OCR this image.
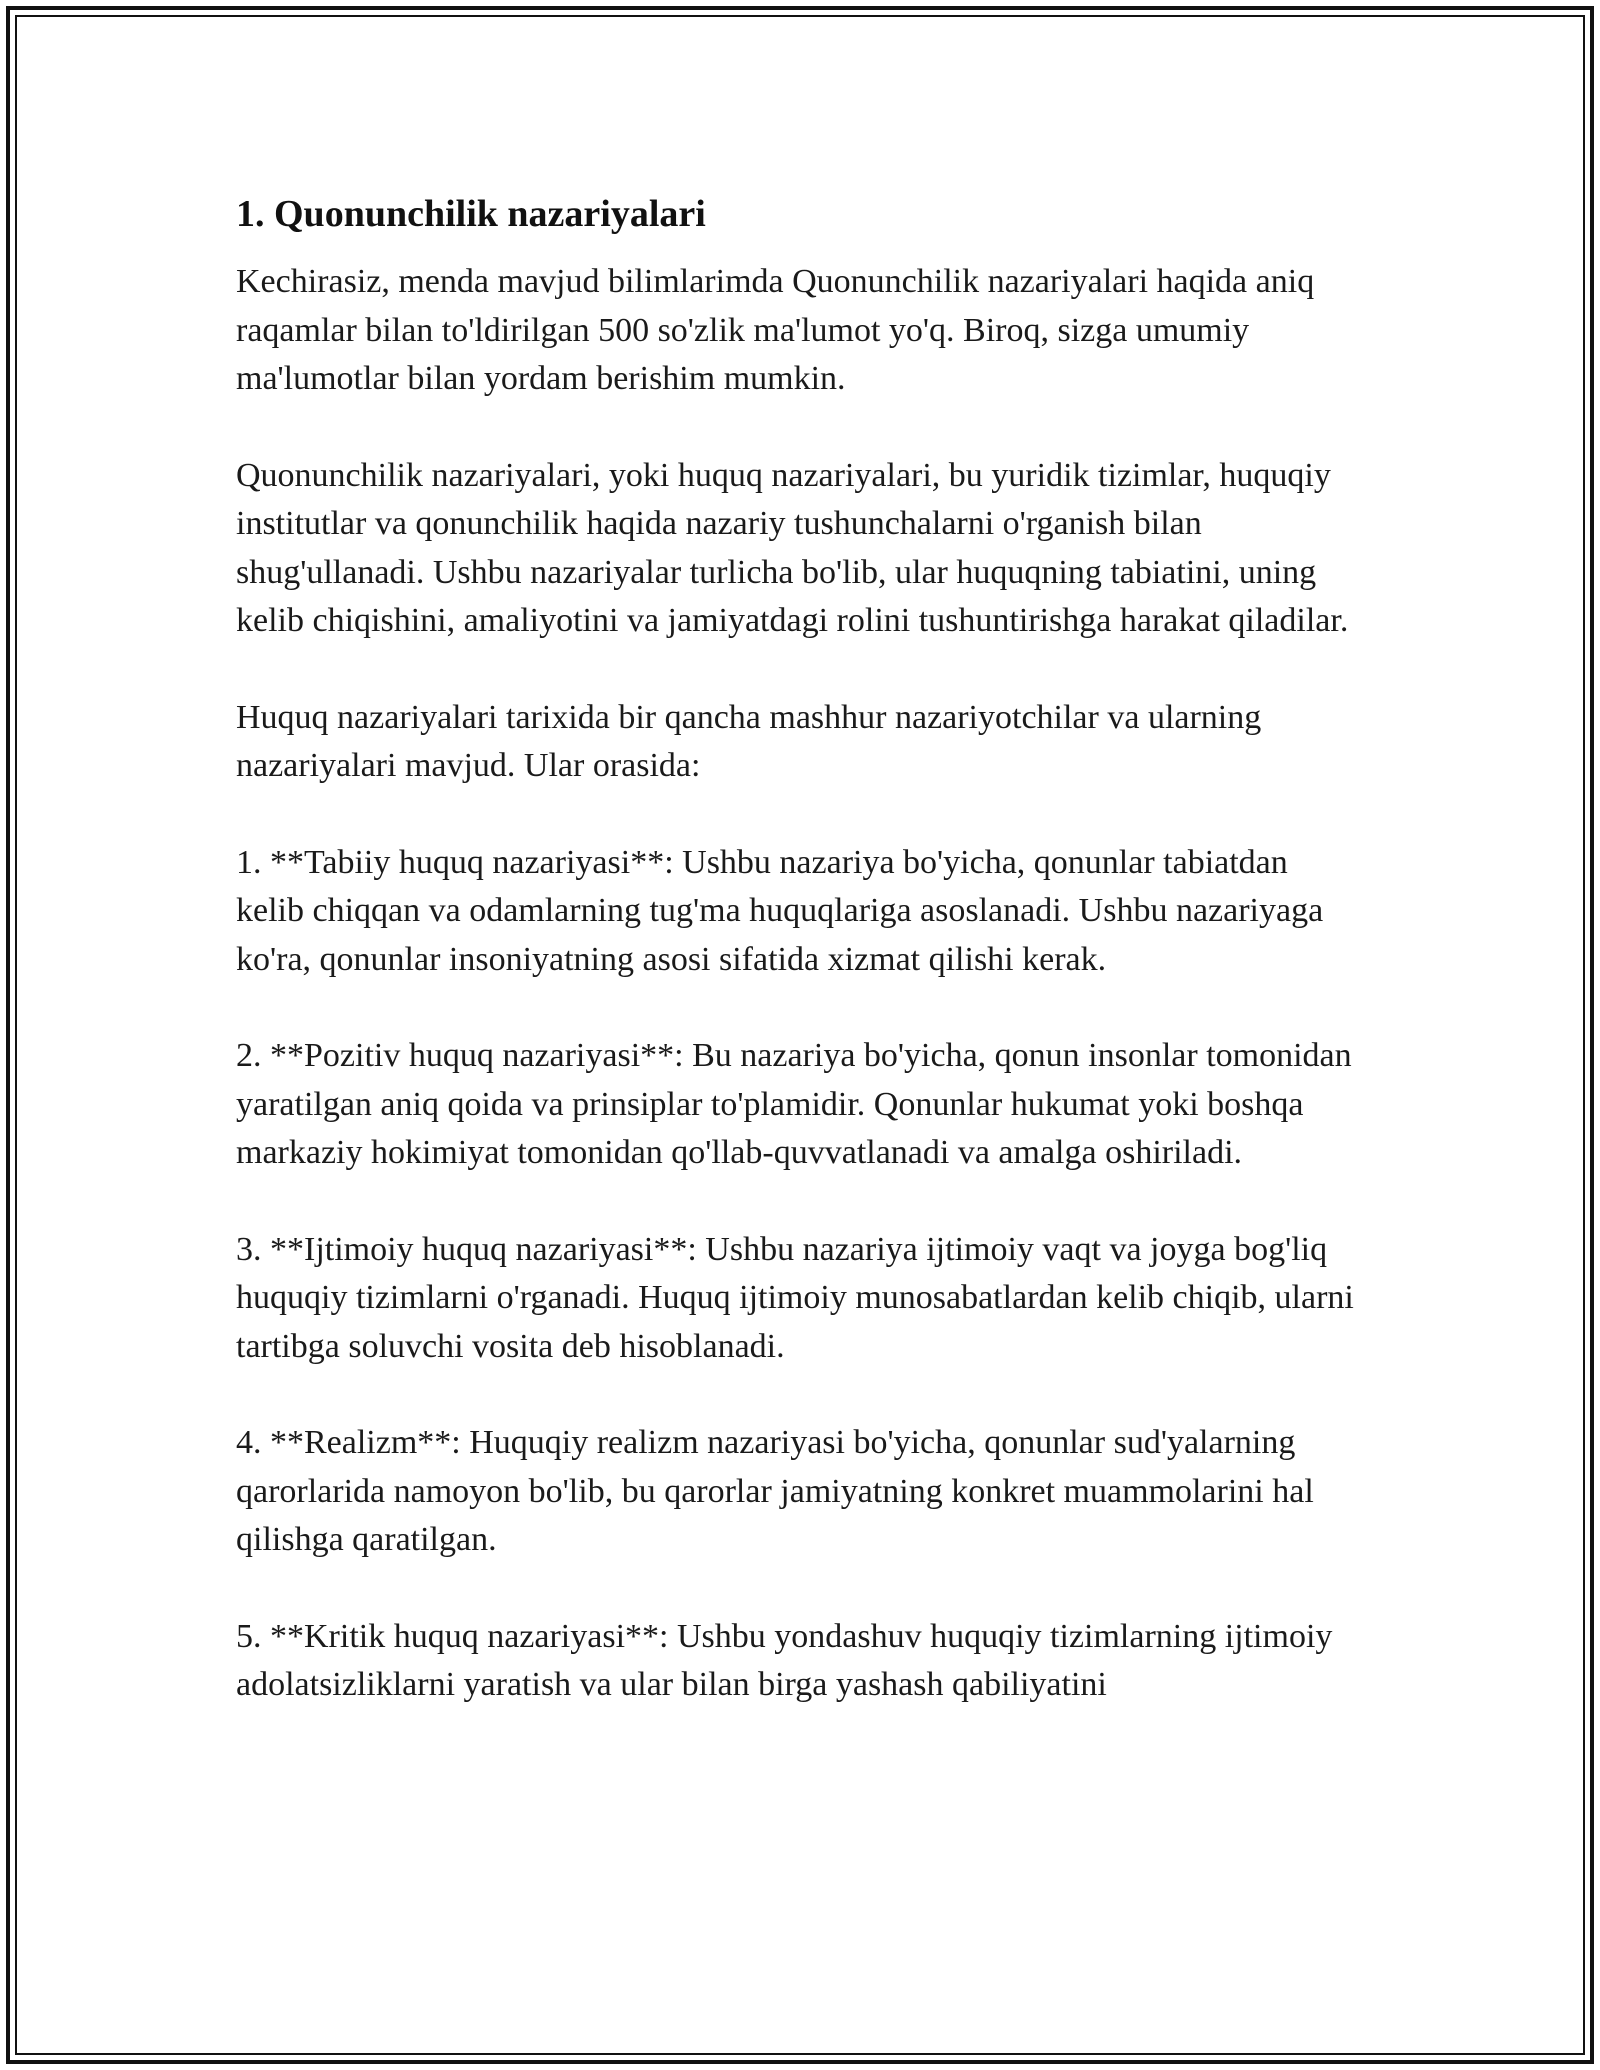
1. Quonunchilik nazariyalari

Kechirasiz, menda mavjud bilimlarimda Quonunchilik nazariyalari haqida aniq raqamlar bilan to'ldirilgan 500 so'zlik ma'lumot yo'q. Biroq, sizga umumiy ma'lumotlar bilan yordam berishim mumkin.

Quonunchilik nazariyalari, yoki huquq nazariyalari, bu yuridik tizimlar, huquqiy institutlar va qonunchilik haqida nazariy tushunchalarni o'rganish bilan shug'ullanadi. Ushbu nazariyalar turlicha bo'lib, ular huquqning tabiatini, uning kelib chiqishini, amaliyotini va jamiyatdagi rolini tushuntirishga harakat qiladilar.

Huquq nazariyalari tarixida bir qancha mashhur nazariyotchilar va ularning nazariyalari mavjud. Ular orasida:

1. **Tabiiy huquq nazariyasi**: Ushbu nazariya bo'yicha, qonunlar tabiatdan kelib chiqqan va odamlarning tug'ma huquqlariga asoslanadi. Ushbu nazariyaga ko'ra, qonunlar insoniyatning asosi sifatida xizmat qilishi kerak.

2. **Pozitiv huquq nazariyasi**: Bu nazariya bo'yicha, qonun insonlar tomonidan yaratilgan aniq qoida va prinsiplar to'plamidir. Qonunlar hukumat yoki boshqa markaziy hokimiyat tomonidan qo'llab-quvvatlanadi va amalga oshiriladi.

3. **Ijtimoiy huquq nazariyasi**: Ushbu nazariya ijtimoiy vaqt va joyga bog'liq huquqiy tizimlarni o'rganadi. Huquq ijtimoiy munosabatlardan kelib chiqib, ularni tartibga soluvchi vosita deb hisoblanadi.

4. **Realizm**: Huquqiy realizm nazariyasi bo'yicha, qonunlar sud'yalarning qarorlarida namoyon bo'lib, bu qarorlar jamiyatning konkret muammolarini hal qilishga qaratilgan.

5. **Kritik huquq nazariyasi**: Ushbu yondashuv huquqiy tizimlarning ijtimoiy adolatsizliklarni yaratish va ular bilan birga yashash qabiliyatini
